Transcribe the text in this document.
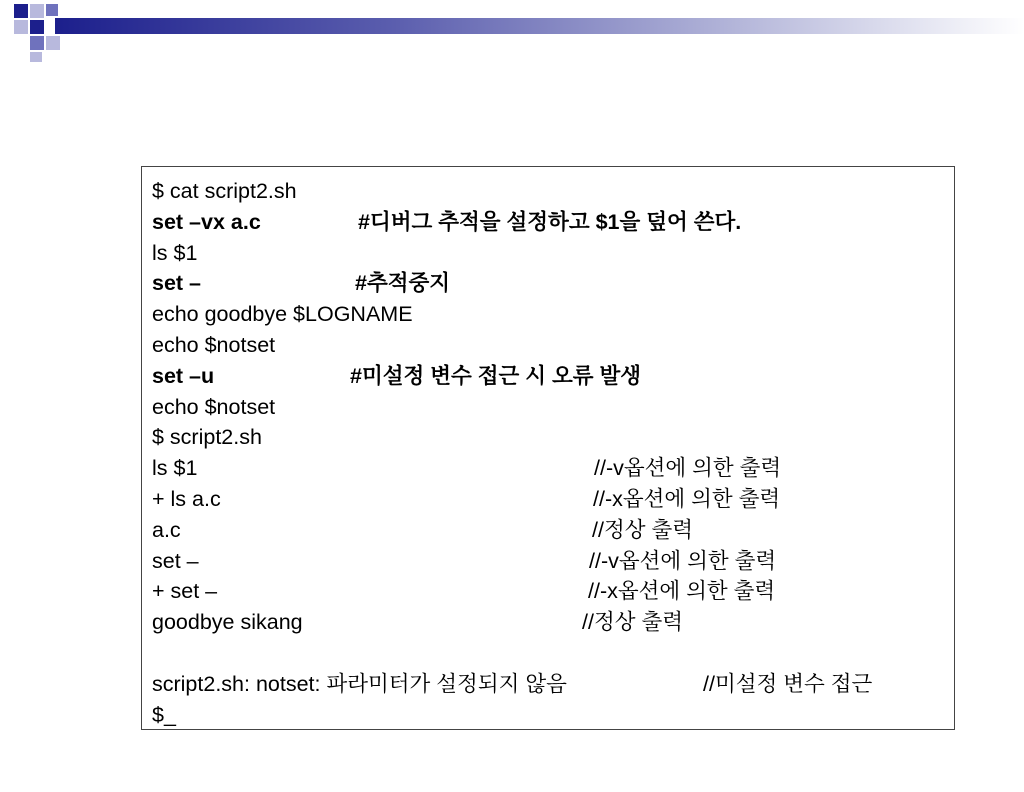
$ cat script2.sh

set –vx a.c

	#디버그 추적을 설정하고 $1을 덮어 쓴다.

ls $1

set –

	#추적중지

echo goodbye $LOGNAME

echo $notset

set –u

	#미설정 변수 접근 시 오류 발생

echo $notset

$ script2.sh

ls $1

	//-v옵션에 의한 출력

+ ls a.c

	//-x옵션에 의한 출력

a.c

	//정상 출력

set –

	//-v옵션에 의한 출력

+ set –

	//-x옵션에 의한 출력

goodbye sikang

	//정상 출력

script2.sh: notset: 파라미터가 설정되지 않음

	//미설정 변수 접근

$_
